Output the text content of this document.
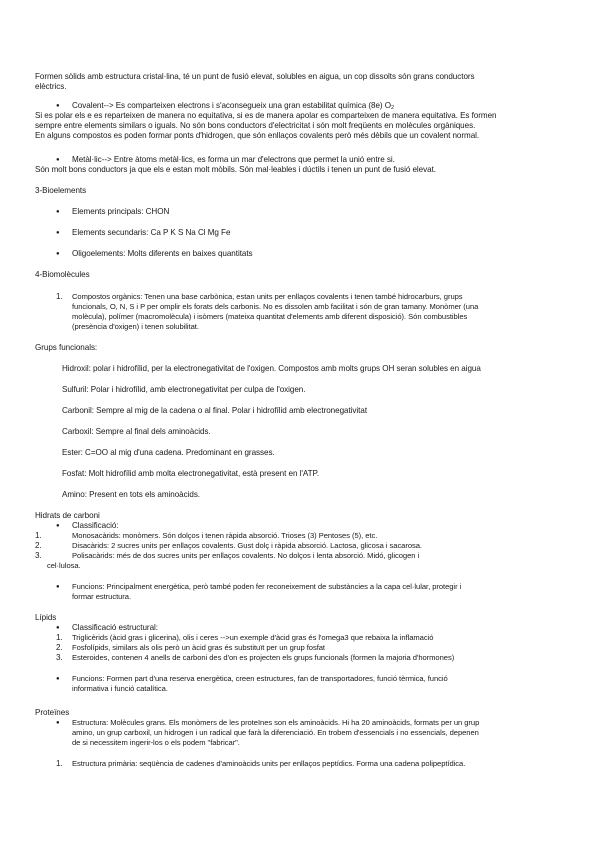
Formen sòlids amb estructura cristal·lina, té un punt de fusió elevat, solubles en aigua, un cop dissolts són grans conductors
elèctrics.
● Covalent--> Es comparteixen electrons i s'aconsegueix una gran estabilitat química (8e) $O_2$
Si es polar els e es reparteixen de manera no equitativa, si es de manera apolar es comparteixen de manera equitativa. Es formen
sempre entre elements similars o iguals. No són bons conductors d'electricitat i són molt freqüents en molècules orgàniques.
En alguns compostos es poden formar ponts d'hidrogen, que són enllaços covalents però més dèbils que un covalent normal.
● Metàl·lic--> Entre àtoms metàl·lics, es forma un mar d'electrons que permet la unió entre si.
Són molt bons conductors ja que els e estan molt mòbils. Són mal·leables i dúctils i tenen un punt de fusió elevat.
3-Bioelements
● Elements principals: CHON
● Elements secundaris: Ca P K S Na Cl Mg Fe
● Oligoelements: Molts diferents en baixes quantitats
4-Biomolècules
1. Compostos orgànics: Tenen una base carbònica, estan units per enllaços covalents i tenen també hidrocarburs, grups
funcionals, O, N, S i P per omplir els forats dels carbonis. No es dissolen amb facilitat i són de gran tamany. Monòmer (una
molècula), polímer (macromolècula) i isòmers (mateixa quantitat d'elements amb diferent disposició). Són combustibles
(presència d'oxigen) i tenen solubilitat.
Grups funcionals:
Hidroxil: polar i hidrofílid, per la electronegativitat de l'oxigen. Compostos amb molts grups OH seran solubles en aigua
Sulfuril: Polar i hidrofílid, amb electronegativitat per culpa de l'oxigen.
Carbonil: Sempre al mig de la cadena o al final. Polar i hidrofílid amb electronegativitat
Carboxil: Sempre al final dels aminoàcids.
Ester: C=OO al mig d'una cadena. Predominant en grasses.
Fosfat: Molt hidrofílid amb molta electronegativitat, està present en l'ATP.
Amino: Present en tots els aminoàcids.
Hidrats de carboni
● Classificació:
1.	Monosacàrids: monòmers. Són dolços i tenen ràpida absorció. Trioses (3) Pentoses (5), etc.
2.	Disacàrids: 2 sucres units per enllaços covalents. Gust dolç i ràpida absorció. Lactosa, glicosa i sacarosa.
3.	Polisacàrids: més de dos sucres units per enllaços covalents. No dolços i lenta absorció. Midó, glicogen i
cel·lulosa.
● Funcions: Principalment energètica, però també poden fer reconeixement de substàncies a la capa cel·lular, protegir i
formar estructura.
Lípids
● Classificació estructural:
1. Triglicèrids (àcid gras i glicerina), olis i ceres -->un exemple d'àcid gras és l'omega3 que rebaixa la inflamació
2. Fosfolípids, similars als olis però un àcid gras és substituït per un grup fosfat
3. Esteroides, contenen 4 anells de carboni des d'on es projecten els grups funcionals (formen la majoria d'hormones)
● Funcions: Formen part d'una reserva energètica, creen estructures, fan de transportadores, funció tèrmica, funció
informativa i funció catalítica.
Proteïnes
● Estructura: Molècules grans. Els monòmers de les proteïnes son els aminoàcids. Hi ha 20 aminoàcids, formats per un grup
amino, un grup carboxil, un hidrogen i un radical que farà la diferenciació. En trobem d'essencials i no essencials, depenen
de si necessitem ingerir-los o els podem "fabricar".
1. Estructura primària: seqüència de cadenes d'aminoàcids units per enllaços peptídics. Forma una cadena polipeptídica.
